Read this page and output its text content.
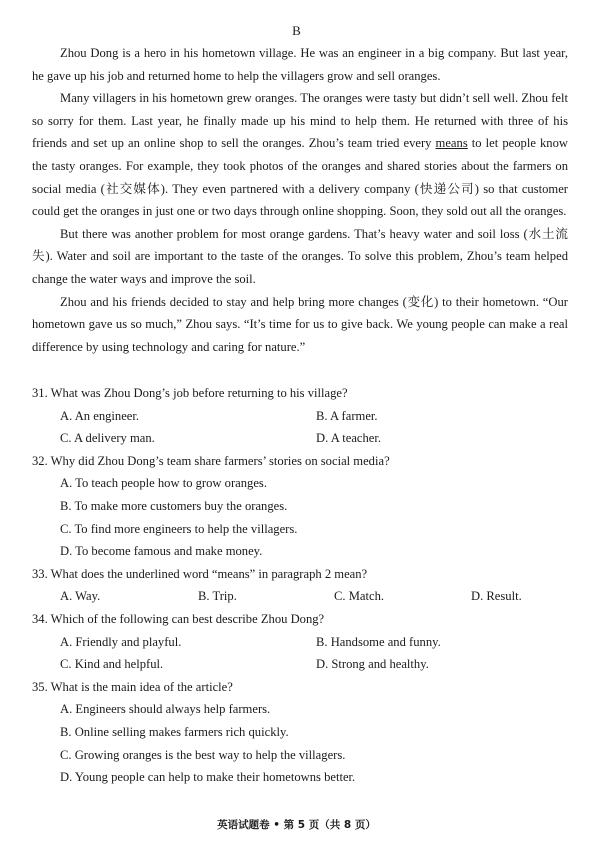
B

Zhou Dong is a hero in his hometown village. He was an engineer in a big company. But last year, he gave up his job and returned home to help the villagers grow and sell oranges.

Many villagers in his hometown grew oranges. The oranges were tasty but didn’t sell well. Zhou felt so sorry for them. Last year, he finally made up his mind to help them. He returned with three of his friends and set up an online shop to sell the oranges. Zhou’s team tried every means to let people know the tasty oranges. For example, they took photos of the oranges and shared stories about the farmers on social media (社交媒体). They even partnered with a delivery company (快递公司) so that customer could get the oranges in just one or two days through online shopping. Soon, they sold out all the oranges.

But there was another problem for most orange gardens. That’s heavy water and soil loss (水土流失). Water and soil are important to the taste of the oranges. To solve this problem, Zhou’s team helped change the water ways and improve the soil.

Zhou and his friends decided to stay and help bring more changes (变化) to their hometown. “Our hometown gave us so much,” Zhou says. “It’s time for us to give back. We young people can make a real difference by using technology and caring for nature.”

31. What was Zhou Dong’s job before returning to his village?
A. An engineer.	B. A farmer.
C. A delivery man.	D. A teacher.
32. Why did Zhou Dong’s team share farmers’ stories on social media?
A. To teach people how to grow oranges.
B. To make more customers buy the oranges.
C. To find more engineers to help the villagers.
D. To become famous and make money.
33. What does the underlined word “means” in paragraph 2 mean?
A. Way.	B. Trip.	C. Match.	D. Result.
34. Which of the following can best describe Zhou Dong?
A. Friendly and playful.	B. Handsome and funny.
C. Kind and helpful.	D. Strong and healthy.
35. What is the main idea of the article?
A. Engineers should always help farmers.
B. Online selling makes farmers rich quickly.
C. Growing oranges is the best way to help the villagers.
D. Young people can help to make their hometowns better.
英语试题卷 • 第 5 页（共 8 页）
